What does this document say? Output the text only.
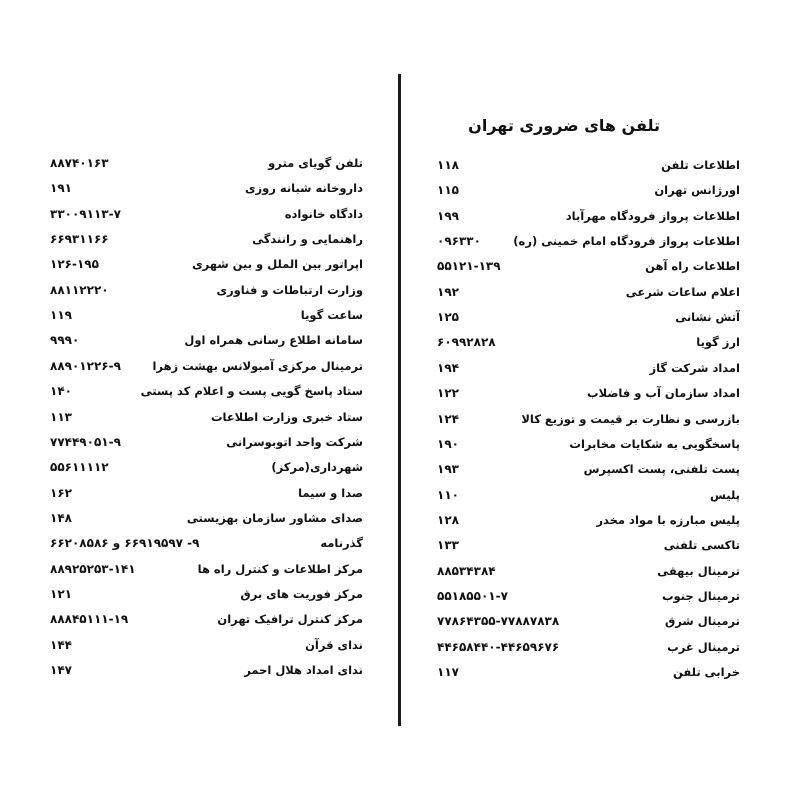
تلفن های ضروری تهران
اطلاعات تلفن
۱۱۸
اورژانس تهران
۱۱۵
اطلاعات پرواز فرودگاه مهرآباد
۱۹۹
اطلاعات پرواز فرودگاه امام خمینی (ره)
۰۹۶۳۳۰
اطلاعات راه آهن
۵۵۱۲۱-۱۳۹
اعلام ساعات شرعی
۱۹۲
آتش نشانی
۱۲۵
ارز گویا
۶۰۹۹۲۸۲۸
امداد شرکت گاز
۱۹۴
امداد سازمان آب و فاضلاب
۱۲۲
بازرسی و نظارت بر قیمت و توزیع کالا
۱۲۴
پاسخگویی به شکایات مخابرات
۱۹۰
پست تلفنی، پست اکسپرس
۱۹۳
پلیس
۱۱۰
پلیس مبارزه با مواد مخدر
۱۲۸
تاکسی تلفنی
۱۳۳
ترمینال بیهقی
۸۸۵۳۴۳۸۴
ترمینال جنوب
۵۵۱۸۵۵۰۱-۷
ترمینال شرق
۷۷۸۶۴۳۵۵-۷۷۸۸۷۸۳۸
ترمینال غرب
۴۴۶۵۸۴۴۰-۴۴۶۵۹۶۷۶
خرابی تلفن
۱۱۷
تلفن گویای مترو
۸۸۷۴۰۱۶۳
داروخانه شبانه روزی
۱۹۱
دادگاه خانواده
۳۳۰۰۹۱۱۳-۷
راهنمایی و رانندگی
۶۶۹۳۱۱۶۶
اپراتور بین الملل و بین شهری
۱۲۶-۱۹۵
وزارت ارتباطات و فناوری
۸۸۱۱۲۲۲۰
ساعت گویا
۱۱۹
سامانه اطلاع رسانی همراه اول
۹۹۹۰
ترمینال مرکزی آمبولانس بهشت زهرا
۸۸۹۰۱۲۲۶-۹
ستاد پاسخ گویی پست و اعلام کد پستی
۱۴۰
ستاد خبری وزارت اطلاعات
۱۱۳
شرکت واحد اتوبوسرانی
۷۷۴۴۹۰۵۱-۹
شهرداری(مرکز)
۵۵۶۱۱۱۱۲
صدا و سیما
۱۶۲
صدای مشاور سازمان بهزیستی
۱۴۸
گذرنامه
۶۶۲۰۸۵۸۶ و ۶۶۹۱۹۵۹۷ -۹
مرکز اطلاعات و کنترل راه ها
۸۸۹۲۵۲۵۳-۱۴۱
مرکز فوریت های برق
۱۲۱
مرکز کنترل ترافیک تهران
۸۸۸۴۵۱۱۱-۱۹
ندای قرآن
۱۴۴
ندای امداد هلال احمر
۱۴۷
